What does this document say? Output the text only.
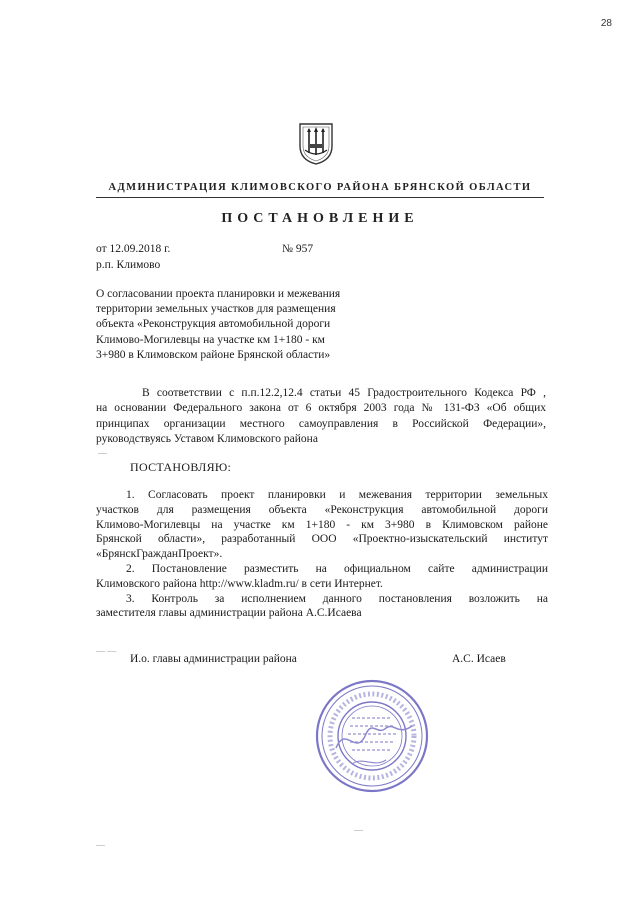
28
АДМИНИСТРАЦИЯ КЛИМОВСКОГО РАЙОНА БРЯНСКОЙ ОБЛАСТИ
ПОСТАНОВЛЕНИЕ
от 12.09.2018 г.	№ 957
р.п. Климово
О согласовании проекта планировки и межевания
территории земельных участков для размещения
объекта «Реконструкция автомобильной дороги
Климово-Могилевцы на участке км 1+180 - км
3+980 в Климовском районе Брянской области»
В соответствии с п.п.12.2,12.4 статьи 45 Градостроительного Кодекса РФ ,
на основании Федерального закона от 6 октября 2003 года № 131-ФЗ «Об общих
принципах организации местного самоуправления в Российской Федерации»,
руководствуясь Уставом Климовского района
ПОСТАНОВЛЯЮ:
1. Согласовать проект планировки и межевания территории земельных
участков для размещения объекта «Реконструкция автомобильной дороги
Климово-Могилевцы на участке км 1+180 - км 3+980 в Климовском районе
Брянской области», разработанный ООО «Проектно-изыскательский институт
«БрянскГражданПроект».
2. Постановление разместить на официальном сайте администрации
Климовского района http://www.kladm.ru/ в сети Интернет.
3. Контроль за исполнением данного постановления возложить на
заместителя главы администрации района А.С.Исаева
И.о. главы администрации района	А.С. Исаев
—
— —
—
—
